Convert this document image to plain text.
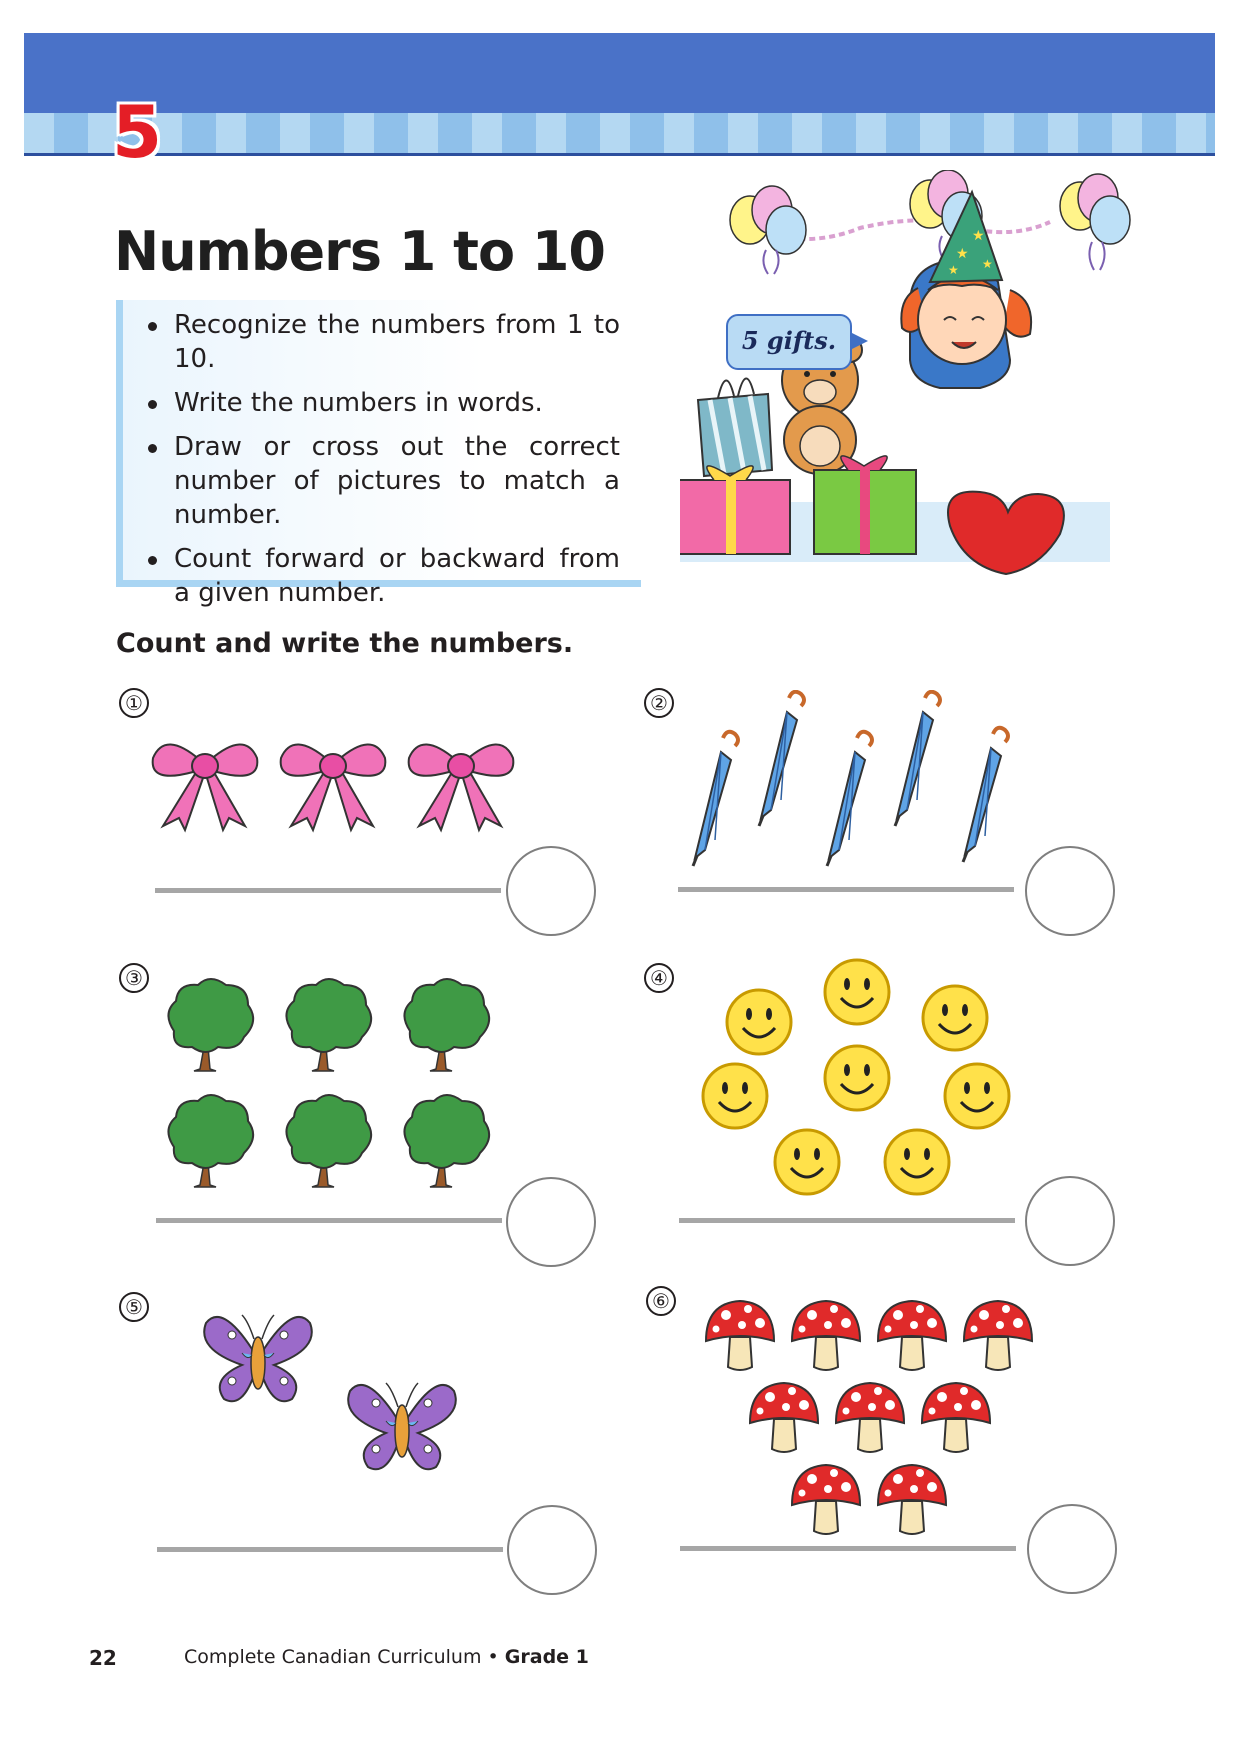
5
Numbers 1 to 10
Recognize the numbers from 1 to 10.
Write the numbers in words.
Draw or cross out the correct number of pictures to match a number.
Count forward or backward from a given number.
★
★
★ ★
5 gifts.
Count and write the numbers.
①	②
③	④
⑤	⑥
22	Complete Canadian Curriculum • Grade 1
